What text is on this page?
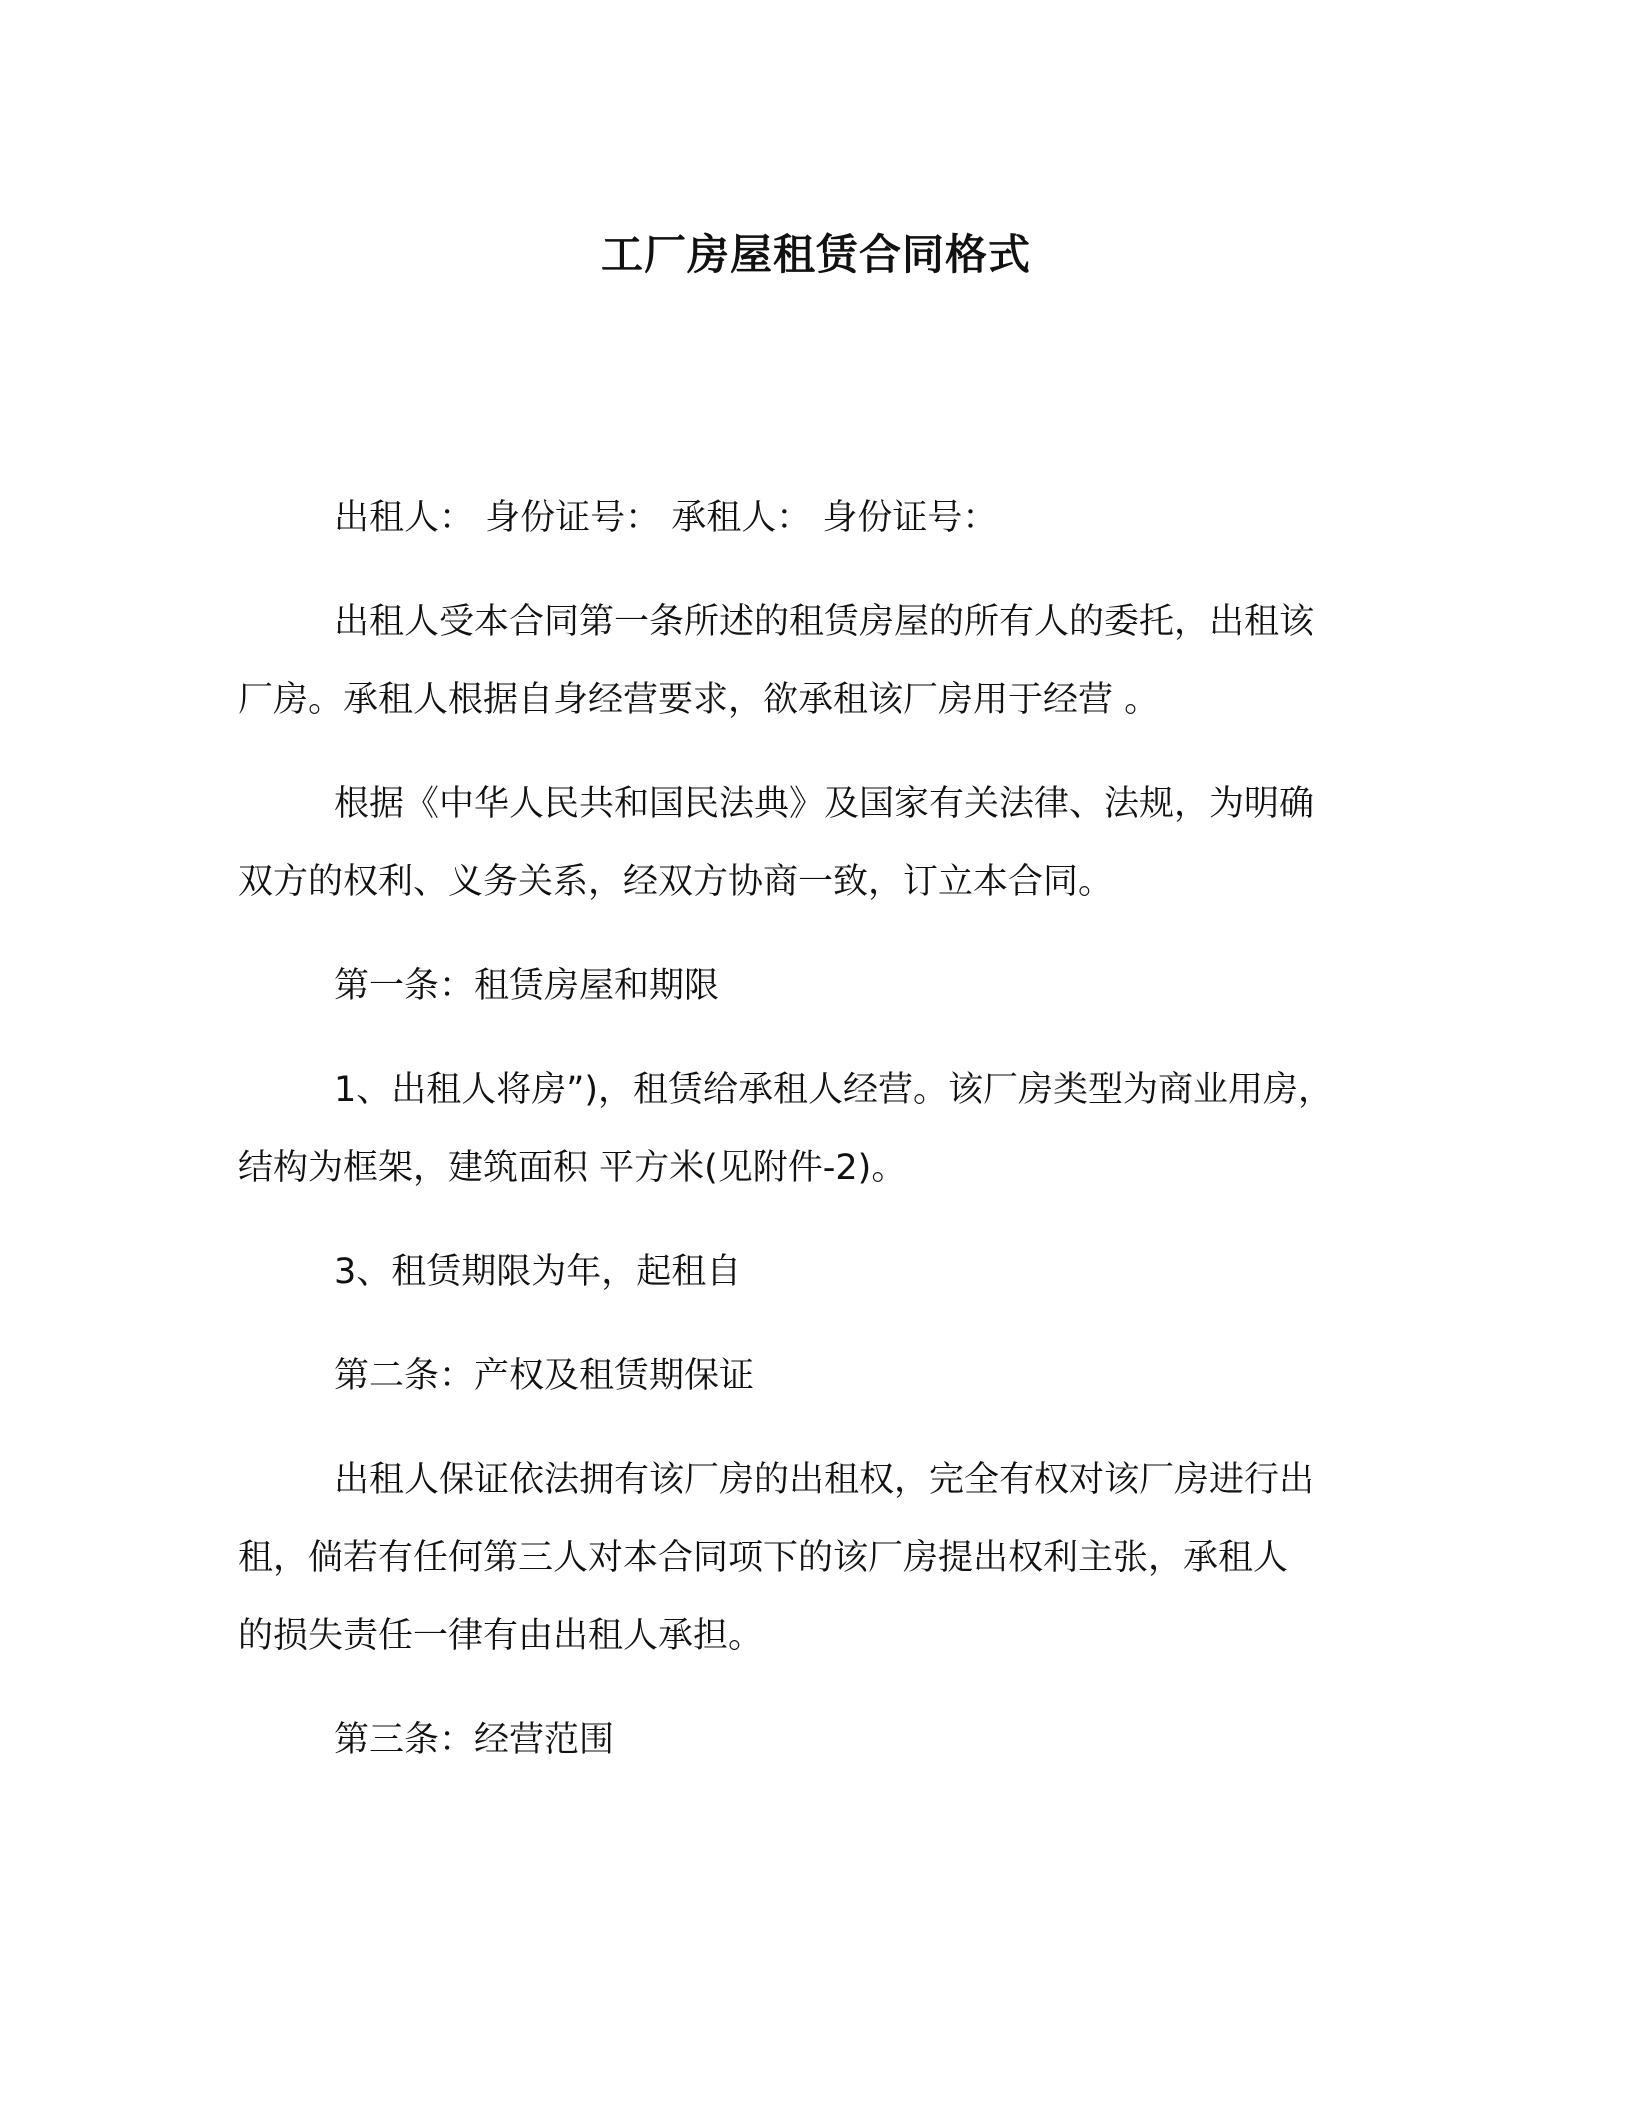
工厂房屋租赁合同格式

出租人： 身份证号： 承租人： 身份证号：

出租人受本合同第一条所述的租赁房屋的所有人的委托，出租该

厂房。承租人根据自身经营要求，欲承租该厂房用于经营 。

根据《中华人民共和国民法典》及国家有关法律、法规，为明确

双方的权利、义务关系，经双方协商一致，订立本合同。

第一条：租赁房屋和期限

1、出租人将房”)，租赁给承租人经营。该厂房类型为商业用房，

结构为框架，建筑面积 平方米(见附件-2)。

3、租赁期限为年，起租自

第二条：产权及租赁期保证

出租人保证依法拥有该厂房的出租权，完全有权对该厂房进行出

租，倘若有任何第三人对本合同项下的该厂房提出权利主张，承租人

的损失责任一律有由出租人承担。

第三条：经营范围
